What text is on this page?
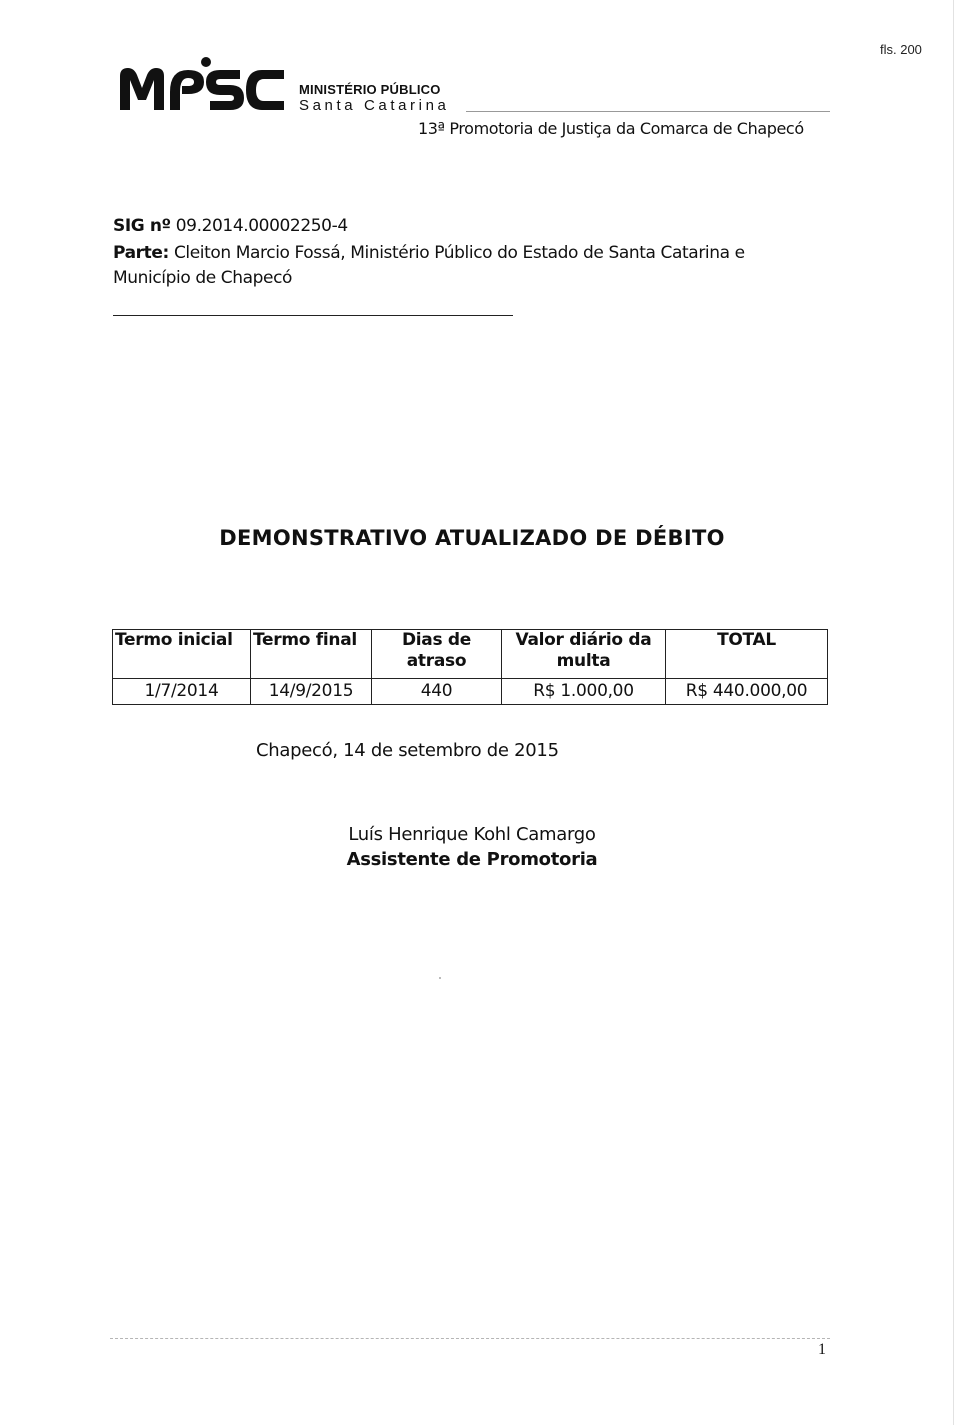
fls. 200
MINISTÉRIO PÚBLICO
Santa Catarina
13ª Promotoria de Justiça da Comarca de Chapecó
SIG nº 09.2014.00002250-4
Parte: Cleiton Marcio Fossá, Ministério Público do Estado de Santa Catarina e
Município de Chapecó
DEMONSTRATIVO ATUALIZADO DE DÉBITO
Termo inicial	Termo final	Dias de atraso	Valor diário da multa	TOTAL
1/7/2014	14/9/2015	440	R$ 1.000,00	R$ 440.000,00
Chapecó, 14 de setembro de 2015
Luís Henrique Kohl Camargo
Assistente de Promotoria
1
